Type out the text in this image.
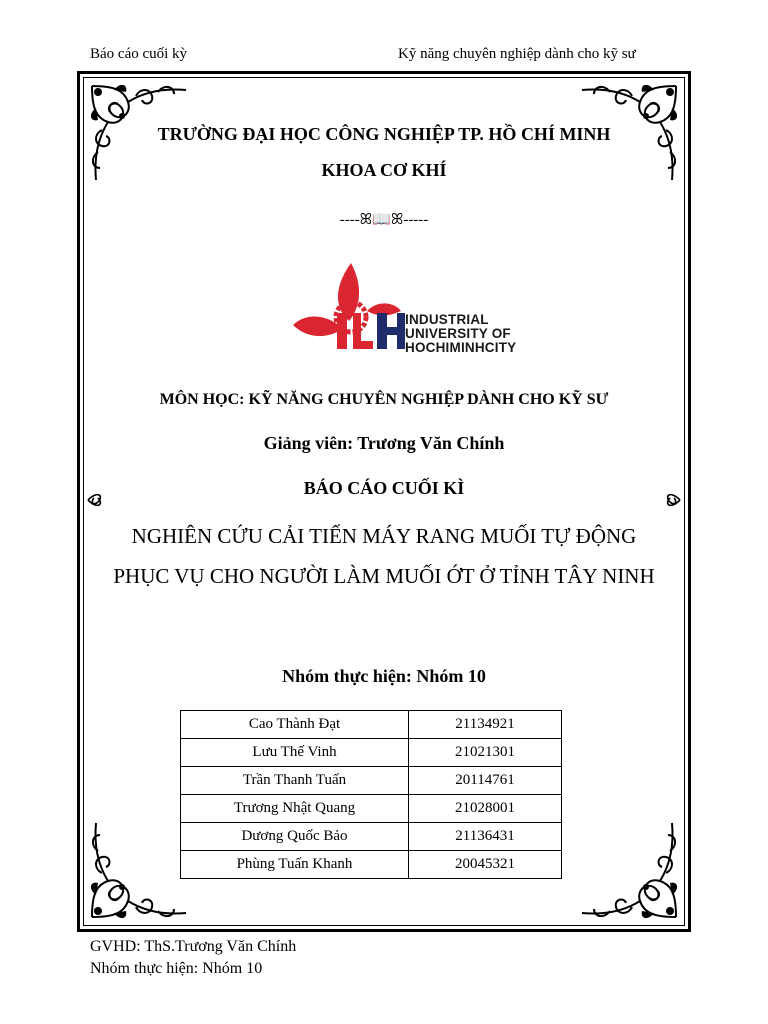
Báo cáo cuối kỳ	Kỹ năng chuyên nghiệp dành cho kỹ sư
TRƯỜNG ĐẠI HỌC CÔNG NGHIỆP TP. HỒ CHÍ MINH
KHOA CƠ KHÍ
----ꕤ📖ꕤ-----
INDUSTRIAL
UNIVERSITY OF
HOCHIMINHCITY
MÔN HỌC: KỸ NĂNG CHUYÊN NGHIỆP DÀNH CHO KỸ SƯ
Giảng viên: Trương Văn Chính
BÁO CÁO CUỐI KÌ
NGHIÊN CỨU CẢI TIẾN MÁY RANG MUỐI TỰ ĐỘNG
PHỤC VỤ CHO NGƯỜI LÀM MUỐI ỚT Ở TỈNH TÂY NINH
Nhóm thực hiện: Nhóm 10
Cao Thành Đạt	21134921
Lưu Thế Vinh	21021301
Trần Thanh Tuấn	20114761
Trương Nhật Quang	21028001
Dương Quốc Bảo	21136431
Phùng Tuấn Khanh	20045321
GVHD: ThS.Trương Văn Chính
Nhóm thực hiện: Nhóm 10
